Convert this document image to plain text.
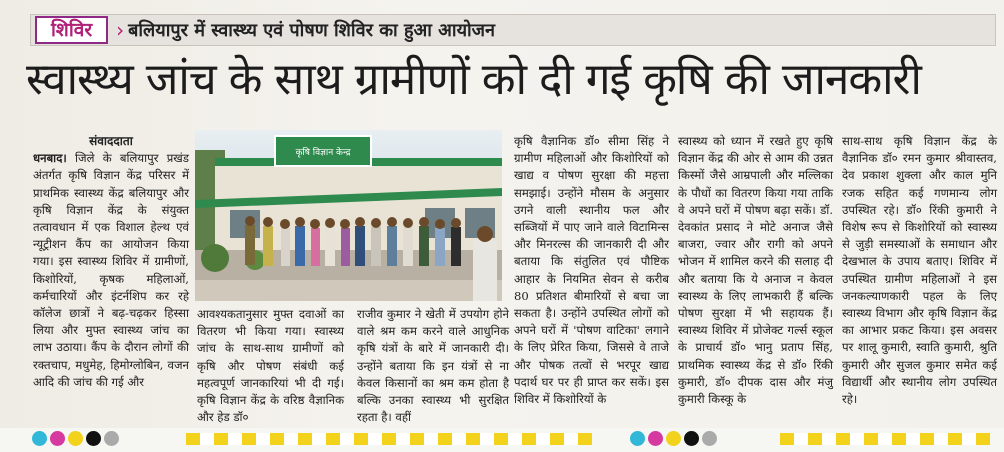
शिविर	› बलियापुर में स्वास्थ्य एवं पोषण शिविर का हुआ आयोजन
स्वास्थ्य जांच के साथ ग्रामीणों को दी गई कृषि की जानकारी
संवाददाता
धनबाद। जिले के बलियापुर प्रखंड अंतर्गत कृषि विज्ञान केंद्र परिसर में प्राथमिक स्वास्थ्य केंद्र बलियापुर और कृषि विज्ञान केंद्र के संयुक्त तत्वावधान में एक विशाल हेल्थ एवं न्यूट्रीशन कैंप का आयोजन किया गया। इस स्वास्थ्य शिविर में ग्रामीणों, किशोरियों, कृषक महिलाओं, कर्मचारियों और इंटर्नशिप कर रहे कॉलेज छात्रों ने बढ़-चढ़कर हिस्सा लिया और मुफ्त स्वास्थ्य जांच का लाभ उठाया। कैंप के दौरान लोगों की रक्तचाप, मधुमेह, हिमोग्लोबिन, वजन आदि की जांच की गई और
कृषि विज्ञान केन्द्र
आवश्यकतानुसार मुफ्त दवाओं का वितरण भी किया गया। स्वास्थ्य जांच के साथ-साथ ग्रामीणों को कृषि और पोषण संबंधी कई महत्वपूर्ण जानकारियां भी दी गई। कृषि विज्ञान केंद्र के वरिष्ठ वैज्ञानिक और हेड डॉ०
राजीव कुमार ने खेती में उपयोग होने वाले श्रम कम करने वाले आधुनिक कृषि यंत्रों के बारे में जानकारी दी। उन्होंने बताया कि इन यंत्रों से ना केवल किसानों का श्रम कम होता है बल्कि उनका स्वास्थ्य भी सुरक्षित रहता है। वहीं
कृषि वैज्ञानिक डॉ० सीमा सिंह ने ग्रामीण महिलाओं और किशोरियों को खाद्य व पोषण सुरक्षा की महत्ता समझाई। उन्होंने मौसम के अनुसार उगने वाली स्थानीय फल और सब्जियों में पाए जाने वाले विटामिन्स और मिनरल्स की जानकारी दी और बताया कि संतुलित एवं पौष्टिक आहार के नियमित सेवन से करीब 80 प्रतिशत बीमारियों से बचा जा सकता है। उन्होंने उपस्थित लोगों को अपने घरों में 'पोषण वाटिका' लगाने के लिए प्रेरित किया, जिससे वे ताजे और पोषक तत्वों से भरपूर खाद्य पदार्थ घर पर ही प्राप्त कर सकें। इस शिविर में किशोरियों के
स्वास्थ्य को ध्यान में रखते हुए कृषि विज्ञान केंद्र की ओर से आम की उन्नत किस्मों जैसे आम्रपाली और मल्लिका के पौधों का वितरण किया गया ताकि वे अपने घरों में पोषण बढ़ा सकें। डॉ. देवकांत प्रसाद ने मोटे अनाज जैसे बाजरा, ज्वार और रागी को अपने भोजन में शामिल करने की सलाह दी और बताया कि ये अनाज न केवल स्वास्थ्य के लिए लाभकारी हैं बल्कि पोषण सुरक्षा में भी सहायक हैं। स्वास्थ्य शिविर में प्रोजेक्ट गर्ल्स स्कूल के प्राचार्य डॉ० भानु प्रताप सिंह, प्राथमिक स्वास्थ्य केंद्र से डॉ० रिंकी कुमारी, डॉ० दीपक दास और मंजु कुमारी किस्कू के
साथ-साथ कृषि विज्ञान केंद्र के वैज्ञानिक डॉ० रमन कुमार श्रीवास्तव, देव प्रकाश शुक्ला और काल मुनि रजक सहित कई गणमान्य लोग उपस्थित रहे। डॉ० रिंकी कुमारी ने विशेष रूप से किशोरियों को स्वास्थ्य से जुड़ी समस्याओं के समाधान और देखभाल के उपाय बताए। शिविर में उपस्थित ग्रामीण महिलाओं ने इस जनकल्याणकारी पहल के लिए स्वास्थ्य विभाग और कृषि विज्ञान केंद्र का आभार प्रकट किया। इस अवसर पर शालू कुमारी, स्वाति कुमारी, श्रुति कुमारी और सुजल कुमार समेत कई विद्यार्थी और स्थानीय लोग उपस्थित रहे।
